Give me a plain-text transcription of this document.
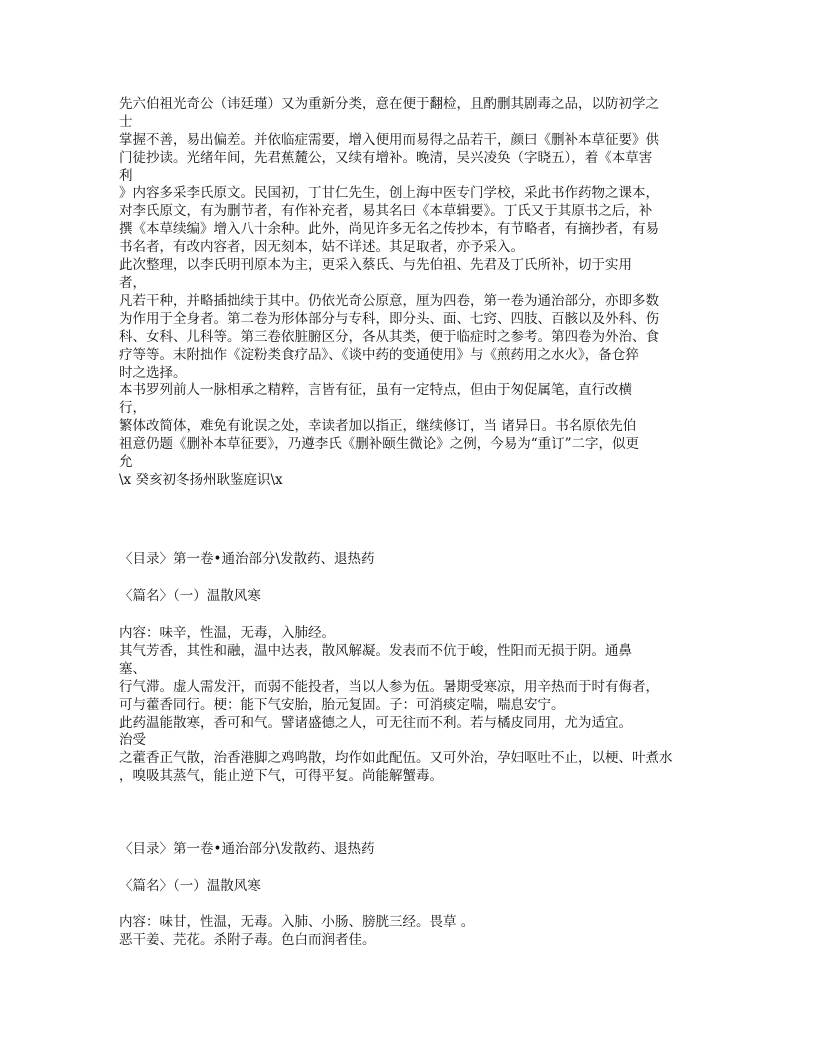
先六伯祖光奇公（讳廷瑾）又为重新分类，意在便于翻检，且酌删其剧毒之品，以防初学之
士
掌握不善，易出偏差。并依临症需要，增入便用而易得之品若干，颜曰《删补本草征要》供
门徒抄读。光绪年间，先君蕉麓公，又续有增补。晚清，吴兴凌奂（字晓五），着《本草害
利
》内容多采李氏原文。民国初，丁甘仁先生，创上海中医专门学校，采此书作药物之课本，
对李氏原文，有为删节者，有作补充者，易其名曰《本草辑要》。丁氏又于其原书之后，补
撰《本草续编》增入八十余种。此外，尚见许多无名之传抄本，有节略者，有摘抄者，有易
书名者，有改内容者，因无刻本，姑不详述。其足取者，亦予采入。
此次整理，以李氏明刊原本为主，更采入蔡氏、与先伯祖、先君及丁氏所补，切于实用
者，
凡若干种，并略插拙续于其中。仍依光奇公原意，厘为四卷，第一卷为通治部分，亦即多数
为作用于全身者。第二卷为形体部分与专科，即分头、面、七窍、四肢、百骸以及外科、伤
科、女科、儿科等。第三卷依脏腑区分，各从其类，便于临症时之参考。第四卷为外治、食
疗等等。末附拙作《淀粉类食疗品》、《谈中药的变通使用》与《煎药用之水火》，备仓猝
时之选择。
本书罗列前人一脉相承之精粹，言皆有征，虽有一定特点，但由于匆促属笔，直行改横
行，
繁体改简体，难免有讹误之处，幸读者加以指正，继续修订，当 诸异日。书名原依先伯
祖意仍题《删补本草征要》，乃遵李氏《删补颐生微论》之例，今易为“重订”二字，似更
允
\x 癸亥初冬扬州耿鉴庭识\x
〈目录〉第一卷•通治部分\发散药、退热药
〈篇名〉（一）温散风寒
内容：味辛，性温，无毒，入肺经。
其气芳香，其性和融，温中达表，散风解凝。发表而不伉于峻，性阳而无损于阴。通鼻
塞、
行气滞。虚人需发汗，而弱不能投者，当以人参为伍。暑期受寒凉，用辛热而于时有侮者，
可与藿香同行。梗：能下气安胎，胎元复固。子：可消痰定喘，喘息安宁。
此药温能散寒，香可和气。譬诸盛德之人，可无往而不利。若与橘皮同用，尤为适宜。
治受
之藿香正气散，治香港脚之鸡鸣散，均作如此配伍。又可外治，孕妇呕吐不止，以梗、叶煮水
，嗅吸其蒸气，能止逆下气，可得平复。尚能解蟹毒。
〈目录〉第一卷•通治部分\发散药、退热药
〈篇名〉（一）温散风寒
内容：味甘，性温，无毒。入肺、小肠、膀胱三经。畏草 。
恶干姜、芫花。杀附子毒。色白而润者佳。
